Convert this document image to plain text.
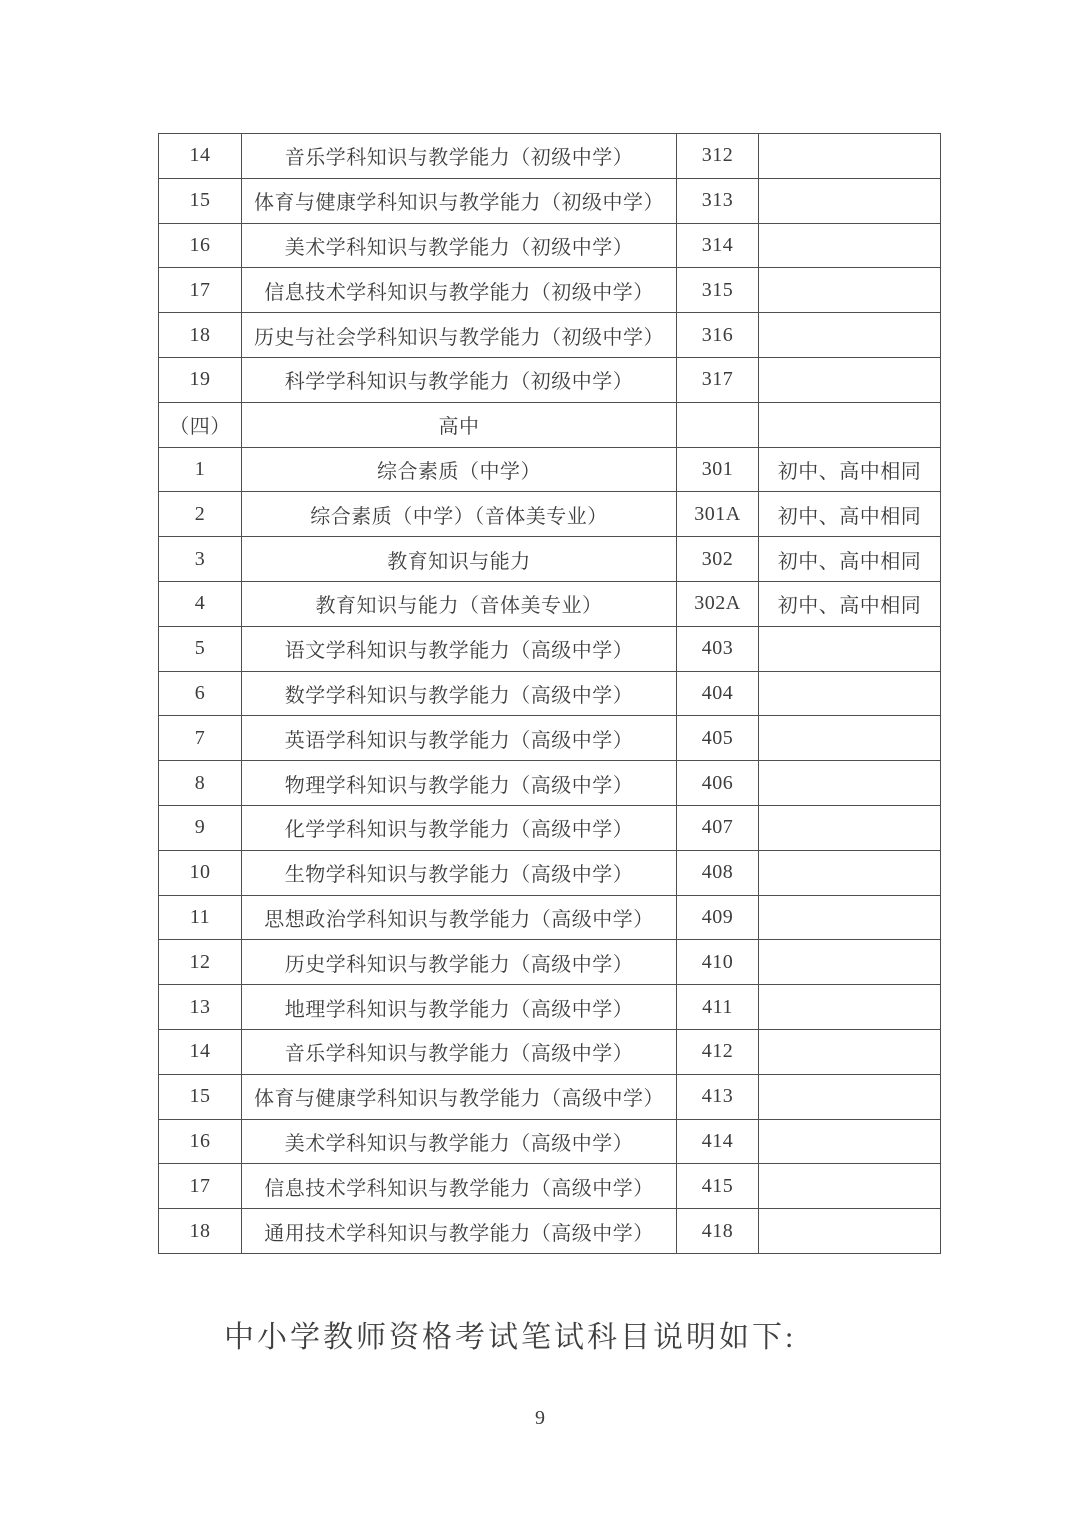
14	音乐学科知识与教学能力（初级中学）	312	
15	体育与健康学科知识与教学能力（初级中学）	313	
16	美术学科知识与教学能力（初级中学）	314	
17	信息技术学科知识与教学能力（初级中学）	315	
18	历史与社会学科知识与教学能力（初级中学）	316	
19	科学学科知识与教学能力（初级中学）	317	
（四）	高中		
1	综合素质（中学）	301	初中、高中相同
2	综合素质（中学）（音体美专业）	301A	初中、高中相同
3	教育知识与能力	302	初中、高中相同
4	教育知识与能力（音体美专业）	302A	初中、高中相同
5	语文学科知识与教学能力（高级中学）	403	
6	数学学科知识与教学能力（高级中学）	404	
7	英语学科知识与教学能力（高级中学）	405	
8	物理学科知识与教学能力（高级中学）	406	
9	化学学科知识与教学能力（高级中学）	407	
10	生物学科知识与教学能力（高级中学）	408	
11	思想政治学科知识与教学能力（高级中学）	409	
12	历史学科知识与教学能力（高级中学）	410	
13	地理学科知识与教学能力（高级中学）	411	
14	音乐学科知识与教学能力（高级中学）	412	
15	体育与健康学科知识与教学能力（高级中学）	413	
16	美术学科知识与教学能力（高级中学）	414	
17	信息技术学科知识与教学能力（高级中学）	415	
18	通用技术学科知识与教学能力（高级中学）	418	
中小学教师资格考试笔试科目说明如下:
9
